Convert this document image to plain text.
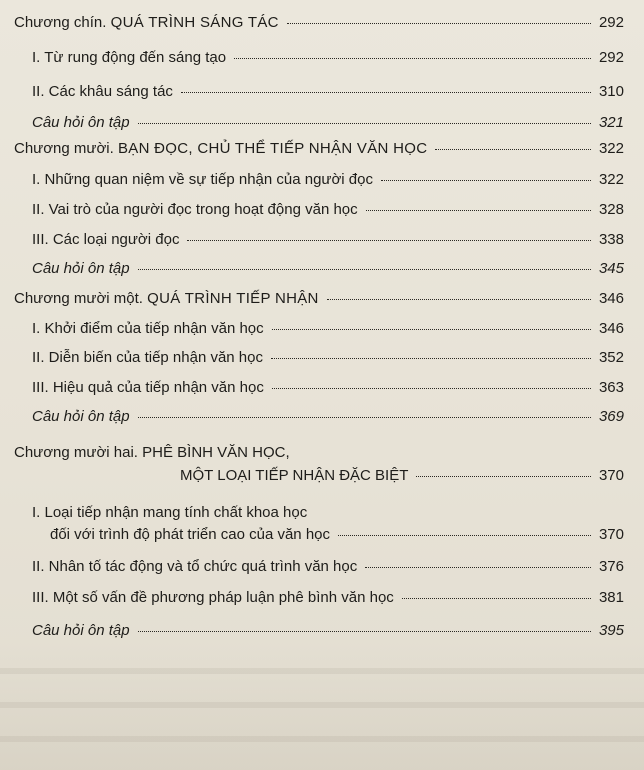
Chương chín. QUÁ TRÌNH SÁNG TÁC	292
I. Từ rung động đến sáng tạo	292
II. Các khâu sáng tác	310
Câu hỏi ôn tập	321
Chương mười. BẠN ĐỌC, CHỦ THỂ TIẾP NHẬN VĂN HỌC	322
I. Những quan niệm về sự tiếp nhận của người đọc	322
II. Vai trò của người đọc trong hoạt động văn học	328
III. Các loại người đọc	338
Câu hỏi ôn tập	345
Chương mười một. QUÁ TRÌNH TIẾP NHẬN	346
I. Khởi điểm của tiếp nhận văn học	346
II. Diễn biến của tiếp nhận văn học	352
III. Hiệu quả của tiếp nhận văn học	363
Câu hỏi ôn tập	369
Chương mười hai. PHÊ BÌNH VĂN HỌC,
MỘT LOẠI TIẾP NHẬN ĐẶC BIỆT	370
I. Loại tiếp nhận mang tính chất khoa học
đối với trình độ phát triển cao của văn học	370
II. Nhân tố tác động và tổ chức quá trình văn học	376
III. Một số vấn đề phương pháp luận phê bình văn học	381
Câu hỏi ôn tập	395
